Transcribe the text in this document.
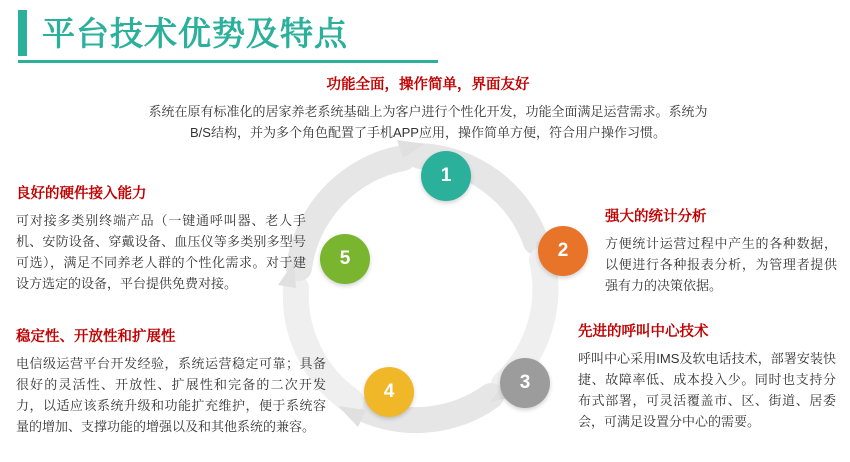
平台技术优势及特点
1
2
3
4
5
功能全面，操作简单，界面友好
系统在原有标准化的居家养老系统基础上为客户进行个性化开发，功能全面满足运营需求。系统为B/S结构，并为多个角色配置了手机APP应用，操作简单方便，符合用户操作习惯。
强大的统计分析
方便统计运营过程中产生的各种数据，以便进行各种报表分析，为管理者提供强有力的决策依据。
先进的呼叫中心技术
呼叫中心采用IMS及软电话技术，部署安装快捷、故障率低、成本投入少。同时也支持分布式部署，可灵活覆盖市、区、街道、居委会，可满足设置分中心的需要。
稳定性、开放性和扩展性
电信级运营平台开发经验，系统运营稳定可靠；具备很好的灵活性、开放性、扩展性和完备的二次开发力，以适应该系统升级和功能扩充维护，便于系统容量的增加、支撑功能的增强以及和其他系统的兼容。
良好的硬件接入能力
可对接多类别终端产品（一键通呼叫器、老人手机、安防设备、穿戴设备、血压仪等多类别多型号可选），满足不同养老人群的个性化需求。对于建设方选定的设备，平台提供免费对接。
